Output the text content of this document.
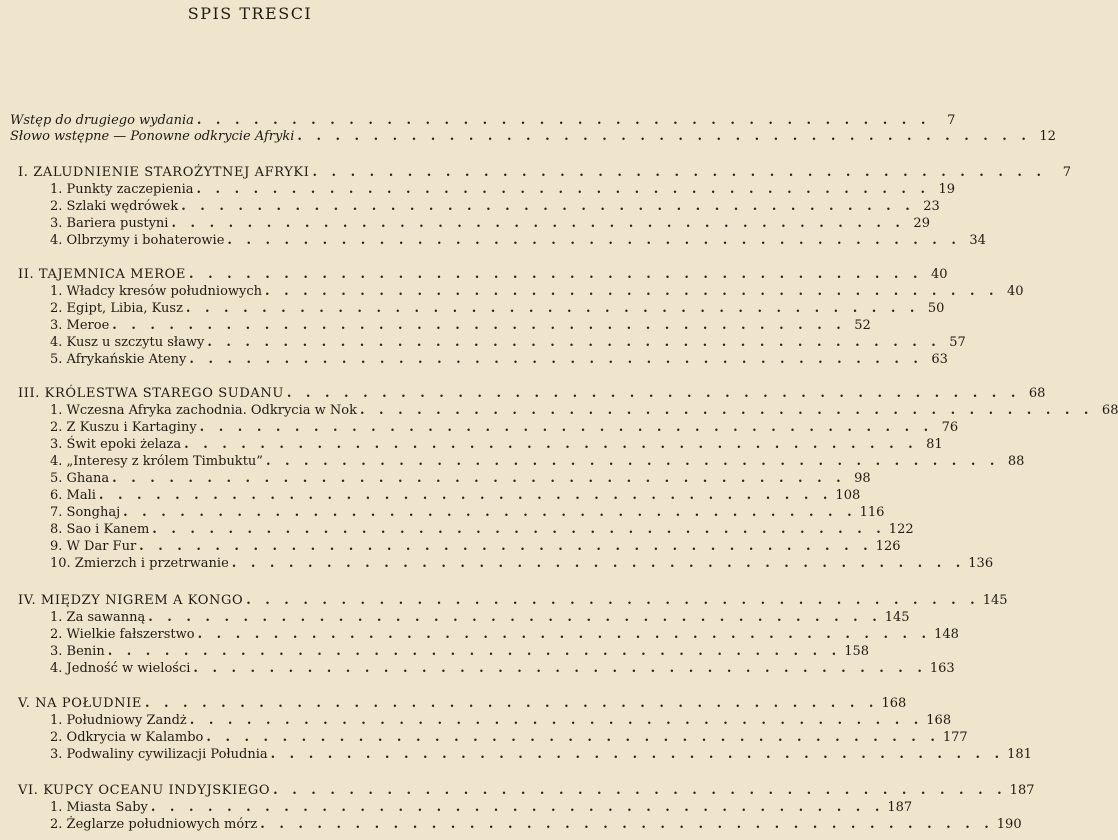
SPIS TRESCI
Wstęp do drugiego wydania . . . . . . . . . . . . . . . . . . . . . . . . . . . . . . . . . . . . . . .	7
Słowo wstępne — Ponowne odkrycie Afryki . . . . . . . . . . . . . . . . . . . . . . . . . . . . . . . . . . . . . . . 12
I. ZALUDNIENIE STAROŻYTNEJ AFRYKI . . . . . . . . . . . . . . . . . . . . . . . . . . . . . . . . . . . . . . .	7
1. Punkty zaczepienia . . . . . . . . . . . . . . . . . . . . . . . . . . . . . . . . . . . . . . . 19
2. Szlaki wędrówek . . . . . . . . . . . . . . . . . . . . . . . . . . . . . . . . . . . . . . . 23
3. Bariera pustyni . . . . . . . . . . . . . . . . . . . . . . . . . . . . . . . . . . . . . . . 29
4. Olbrzymy i bohaterowie . . . . . . . . . . . . . . . . . . . . . . . . . . . . . . . . . . . . . . . 34
II. TAJEMNICA MEROE . . . . . . . . . . . . . . . . . . . . . . . . . . . . . . . . . . . . . . . 40
1. Władcy kresów południowych . . . . . . . . . . . . . . . . . . . . . . . . . . . . . . . . . . . . . . . 40
2. Egipt, Libia, Kusz . . . . . . . . . . . . . . . . . . . . . . . . . . . . . . . . . . . . . . . 50
3. Meroe . . . . . . . . . . . . . . . . . . . . . . . . . . . . . . . . . . . . . . . 52
4. Kusz u szczytu sławy . . . . . . . . . . . . . . . . . . . . . . . . . . . . . . . . . . . . . . . 57
5. Afrykańskie Ateny . . . . . . . . . . . . . . . . . . . . . . . . . . . . . . . . . . . . . . . 63
III. KRÓLESTWA STAREGO SUDANU . . . . . . . . . . . . . . . . . . . . . . . . . . . . . . . . . . . . . . . 68
1. Wczesna Afryka zachodnia. Odkrycia w Nok . . . . . . . . . . . . . . . . . . . . . . . . . . . . . . . . . . . . . . . 68
2. Z Kuszu i Kartaginy . . . . . . . . . . . . . . . . . . . . . . . . . . . . . . . . . . . . . . . 76
3. Świt epoki żelaza . . . . . . . . . . . . . . . . . . . . . . . . . . . . . . . . . . . . . . . 81
4. „Interesy z królem Timbuktu” . . . . . . . . . . . . . . . . . . . . . . . . . . . . . . . . . . . . . . . 88
5. Ghana . . . . . . . . . . . . . . . . . . . . . . . . . . . . . . . . . . . . . . . 98
6. Mali . . . . . . . . . . . . . . . . . . . . . . . . . . . . . . . . . . . . . . . 108
7. Songhaj . . . . . . . . . . . . . . . . . . . . . . . . . . . . . . . . . . . . . . . 116
8. Sao i Kanem . . . . . . . . . . . . . . . . . . . . . . . . . . . . . . . . . . . . . . . 122
9. W Dar Fur . . . . . . . . . . . . . . . . . . . . . . . . . . . . . . . . . . . . . . . 126
10. Zmierzch i przetrwanie . . . . . . . . . . . . . . . . . . . . . . . . . . . . . . . . . . . . . . . 136
IV. MIĘDZY NIGREM A KONGO . . . . . . . . . . . . . . . . . . . . . . . . . . . . . . . . . . . . . . . 145
1. Za sawanną . . . . . . . . . . . . . . . . . . . . . . . . . . . . . . . . . . . . . . . 145
2. Wielkie fałszerstwo . . . . . . . . . . . . . . . . . . . . . . . . . . . . . . . . . . . . . . . 148
3. Benin . . . . . . . . . . . . . . . . . . . . . . . . . . . . . . . . . . . . . . . 158
4. Jedność w wielości . . . . . . . . . . . . . . . . . . . . . . . . . . . . . . . . . . . . . . . 163
V. NA POŁUDNIE . . . . . . . . . . . . . . . . . . . . . . . . . . . . . . . . . . . . . . . 168
1. Południowy Zandż . . . . . . . . . . . . . . . . . . . . . . . . . . . . . . . . . . . . . . . 168
2. Odkrycia w Kalambo . . . . . . . . . . . . . . . . . . . . . . . . . . . . . . . . . . . . . . . 177
3. Podwaliny cywilizacji Południa . . . . . . . . . . . . . . . . . . . . . . . . . . . . . . . . . . . . . . . 181
VI. KUPCY OCEANU INDYJSKIEGO . . . . . . . . . . . . . . . . . . . . . . . . . . . . . . . . . . . . . . . 187
1. Miasta Saby . . . . . . . . . . . . . . . . . . . . . . . . . . . . . . . . . . . . . . . 187
2. Żeglarze południowych mórz . . . . . . . . . . . . . . . . . . . . . . . . . . . . . . . . . . . . . . . 190
